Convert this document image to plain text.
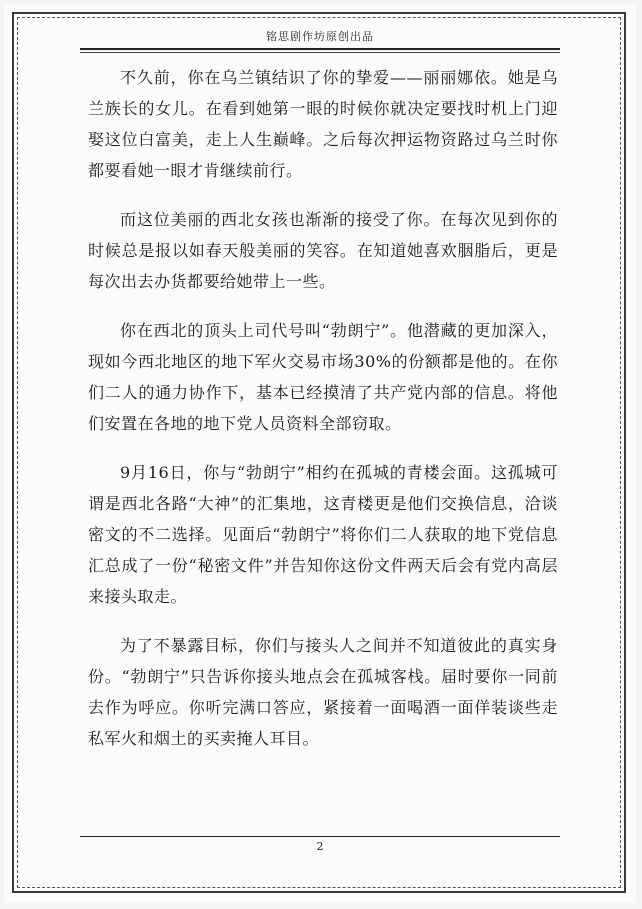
铭思剧作坊原创出品

不久前，你在乌兰镇结识了你的挚爱——丽丽娜依。她是乌兰族长的女儿。在看到她第一眼的时候你就决定要找时机上门迎娶这位白富美，走上人生巅峰。之后每次押运物资路过乌兰时你都要看她一眼才肯继续前行。

而这位美丽的西北女孩也渐渐的接受了你。在每次见到你的时候总是报以如春天般美丽的笑容。在知道她喜欢胭脂后，更是每次出去办货都要给她带上一些。

你在西北的顶头上司代号叫“勃朗宁”。他潜藏的更加深入，现如今西北地区的地下军火交易市场30%的份额都是他的。在你们二人的通力协作下，基本已经摸清了共产党内部的信息。将他们安置在各地的地下党人员资料全部窃取。

9月16日，你与“勃朗宁”相约在孤城的青楼会面。这孤城可谓是西北各路“大神”的汇集地，这青楼更是他们交换信息，洽谈密文的不二选择。见面后“勃朗宁”将你们二人获取的地下党信息汇总成了一份“秘密文件”并告知你这份文件两天后会有党内高层来接头取走。

为了不暴露目标，你们与接头人之间并不知道彼此的真实身份。“勃朗宁”只告诉你接头地点会在孤城客栈。届时要你一同前去作为呼应。你听完满口答应，紧接着一面喝酒一面佯装谈些走私军火和烟土的买卖掩人耳目。

2
